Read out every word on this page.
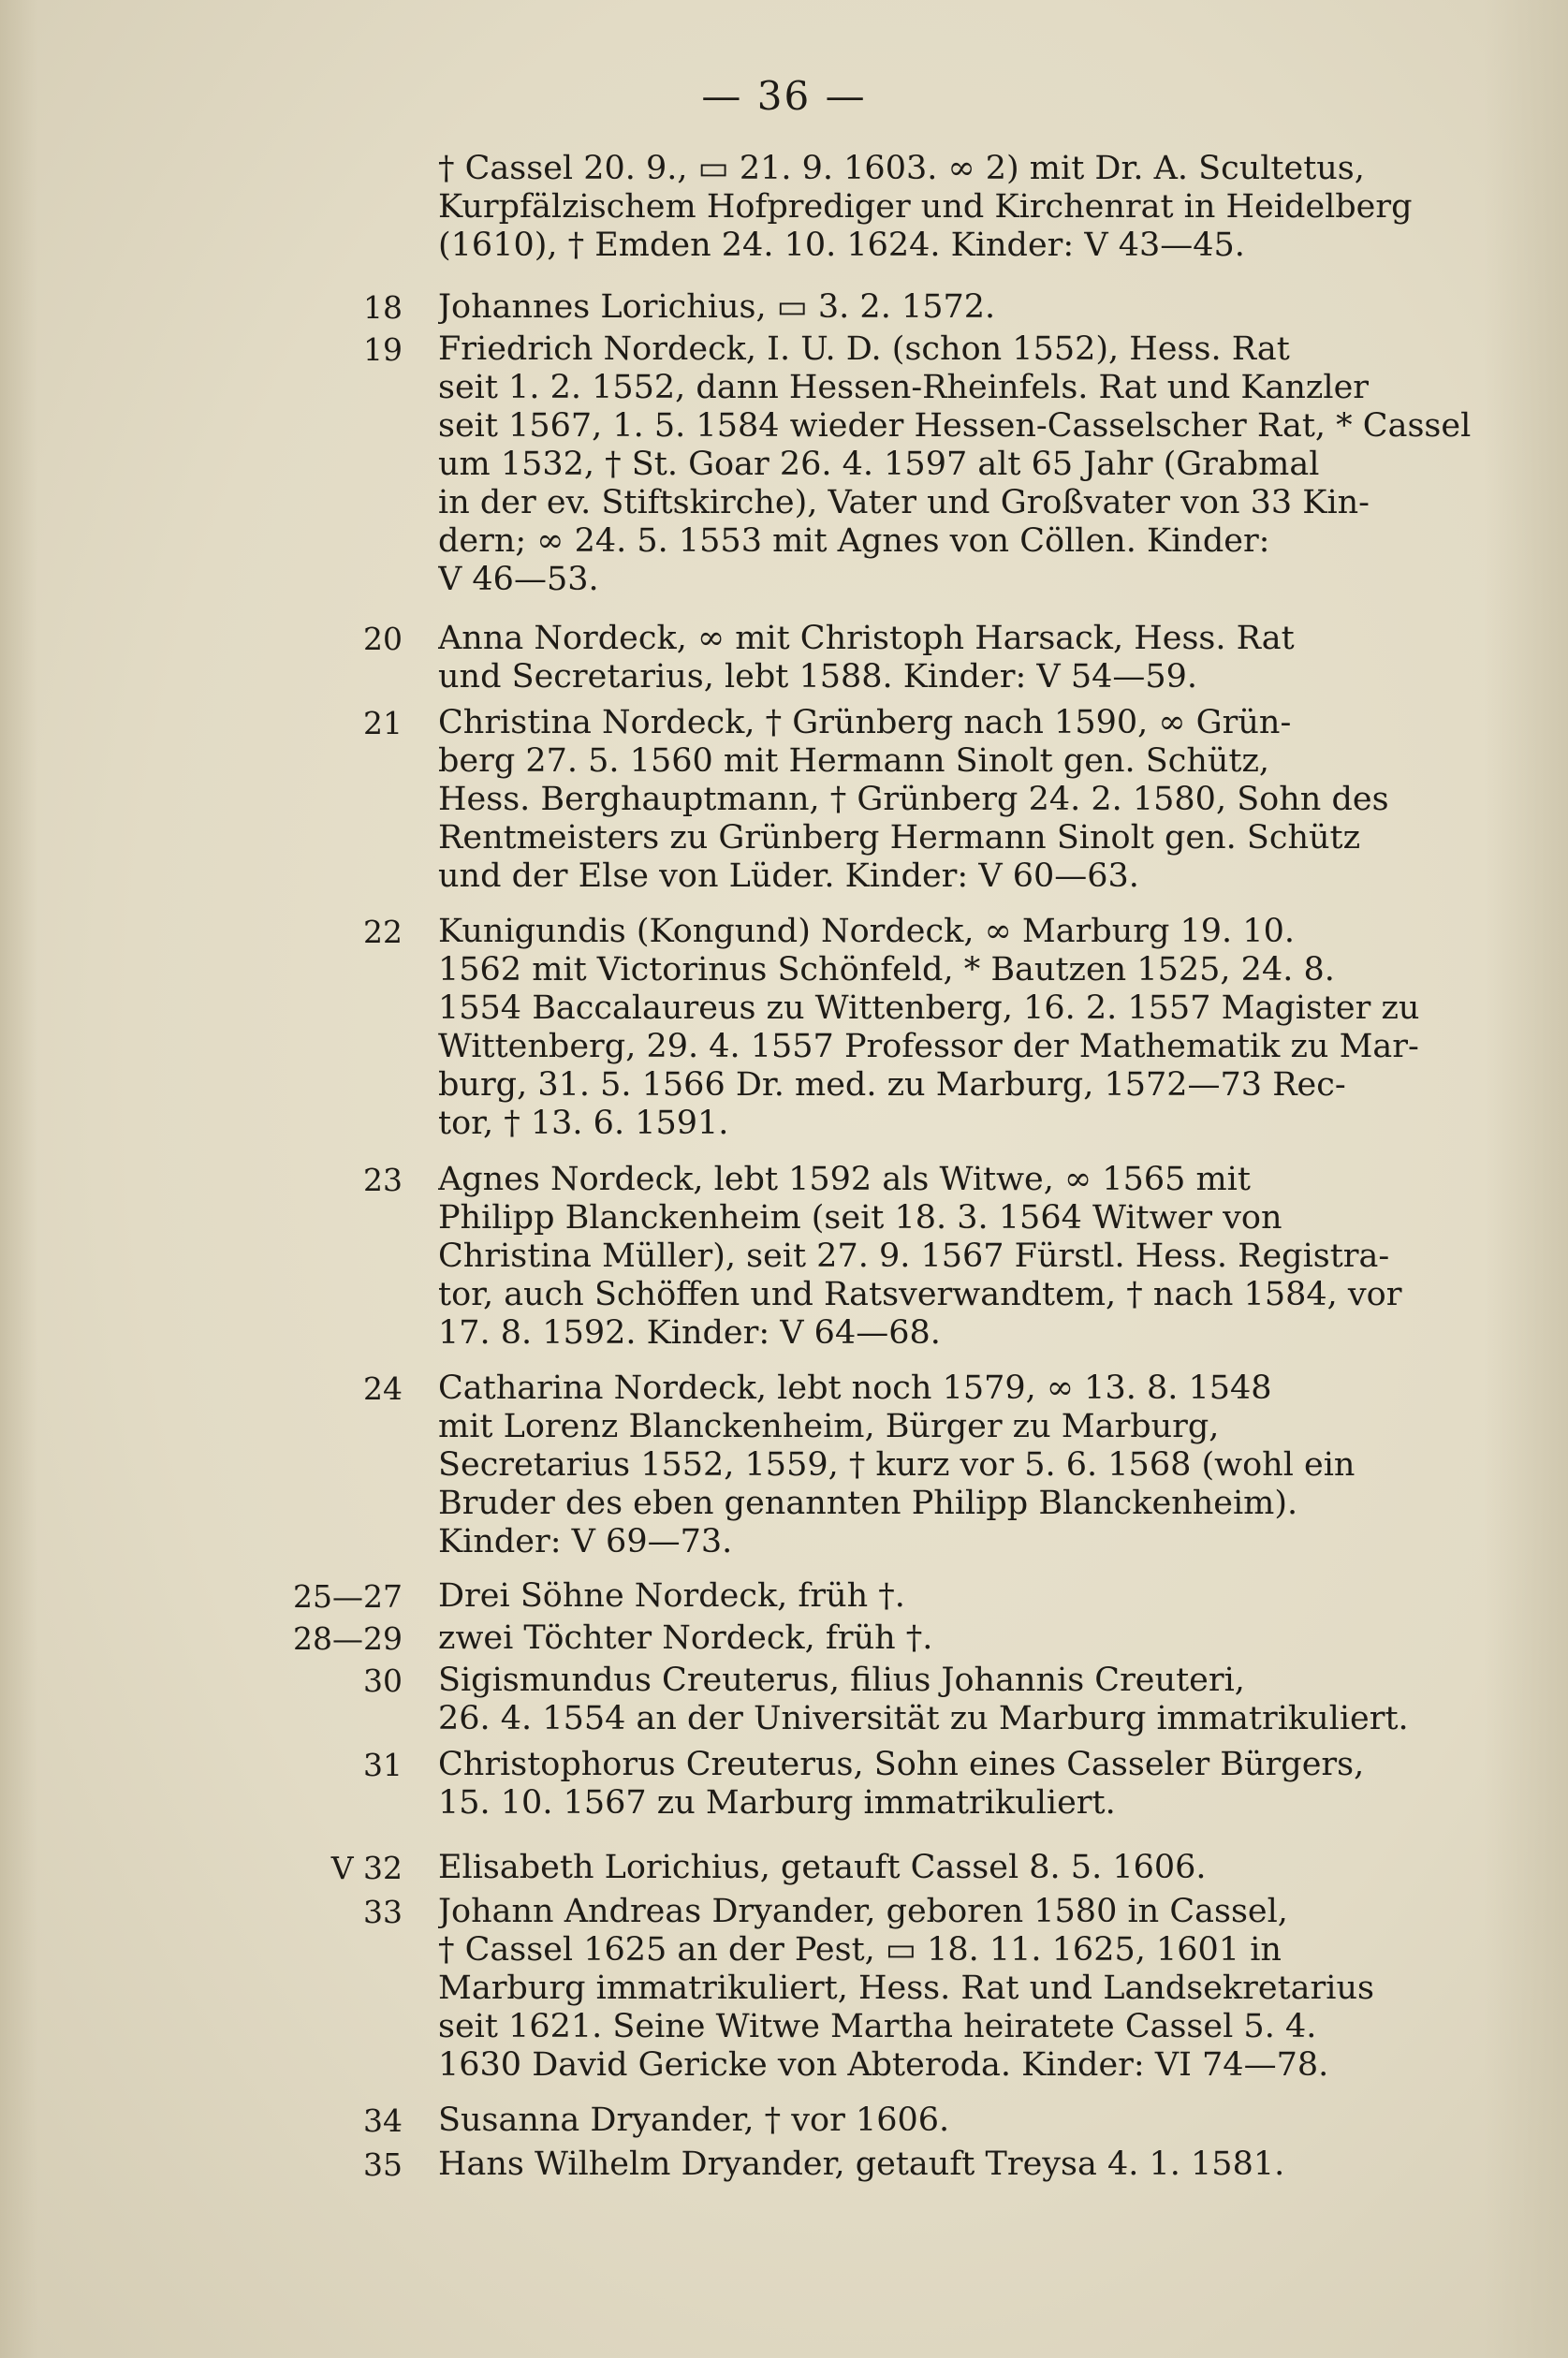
— 36 —
† Cassel 20. 9., ▭ 21. 9. 1603. ∞ 2) mit Dr. A. Scultetus,
Kurpfälzischem Hofprediger und Kirchenrat in Heidelberg
(1610), † Emden 24. 10. 1624. Kinder: V 43—45.
18 Johannes Lorichius, ▭ 3. 2. 1572.
19 Friedrich Nordeck, I. U. D. (schon 1552), Hess. Rat
seit 1. 2. 1552, dann Hessen-Rheinfels. Rat und Kanzler
seit 1567, 1. 5. 1584 wieder Hessen-Casselscher Rat, * Cassel
um 1532, † St. Goar 26. 4. 1597 alt 65 Jahr (Grabmal
in der ev. Stiftskirche), Vater und Großvater von 33 Kin-
dern; ∞ 24. 5. 1553 mit Agnes von Cöllen. Kinder:
V 46—53.
20 Anna Nordeck, ∞ mit Christoph Harsack, Hess. Rat
und Secretarius, lebt 1588. Kinder: V 54—59.
21 Christina Nordeck, † Grünberg nach 1590, ∞ Grün-
berg 27. 5. 1560 mit Hermann Sinolt gen. Schütz,
Hess. Berghauptmann, † Grünberg 24. 2. 1580, Sohn des
Rentmeisters zu Grünberg Hermann Sinolt gen. Schütz
und der Else von Lüder. Kinder: V 60—63.
22 Kunigundis (Kongund) Nordeck, ∞ Marburg 19. 10.
1562 mit Victorinus Schönfeld, * Bautzen 1525, 24. 8.
1554 Baccalaureus zu Wittenberg, 16. 2. 1557 Magister zu
Wittenberg, 29. 4. 1557 Professor der Mathematik zu Mar-
burg, 31. 5. 1566 Dr. med. zu Marburg, 1572—73 Rec-
tor, † 13. 6. 1591.
23 Agnes Nordeck, lebt 1592 als Witwe, ∞ 1565 mit
Philipp Blanckenheim (seit 18. 3. 1564 Witwer von
Christina Müller), seit 27. 9. 1567 Fürstl. Hess. Registra-
tor, auch Schöffen und Ratsverwandtem, † nach 1584, vor
17. 8. 1592. Kinder: V 64—68.
24 Catharina Nordeck, lebt noch 1579, ∞ 13. 8. 1548
mit Lorenz Blanckenheim, Bürger zu Marburg,
Secretarius 1552, 1559, † kurz vor 5. 6. 1568 (wohl ein
Bruder des eben genannten Philipp Blanckenheim).
Kinder: V 69—73.
25—27 Drei Söhne Nordeck, früh †.
28—29 zwei Töchter Nordeck, früh †.
30 Sigismundus Creuterus, filius Johannis Creuteri,
26. 4. 1554 an der Universität zu Marburg immatrikuliert.
31 Christophorus Creuterus, Sohn eines Casseler Bürgers,
15. 10. 1567 zu Marburg immatrikuliert.
V 32 Elisabeth Lorichius, getauft Cassel 8. 5. 1606.
33 Johann Andreas Dryander, geboren 1580 in Cassel,
† Cassel 1625 an der Pest, ▭ 18. 11. 1625, 1601 in
Marburg immatrikuliert, Hess. Rat und Landsekretarius
seit 1621. Seine Witwe Martha heiratete Cassel 5. 4.
1630 David Gericke von Abteroda. Kinder: VI 74—78.
34 Susanna Dryander, † vor 1606.
35 Hans Wilhelm Dryander, getauft Treysa 4. 1. 1581.
